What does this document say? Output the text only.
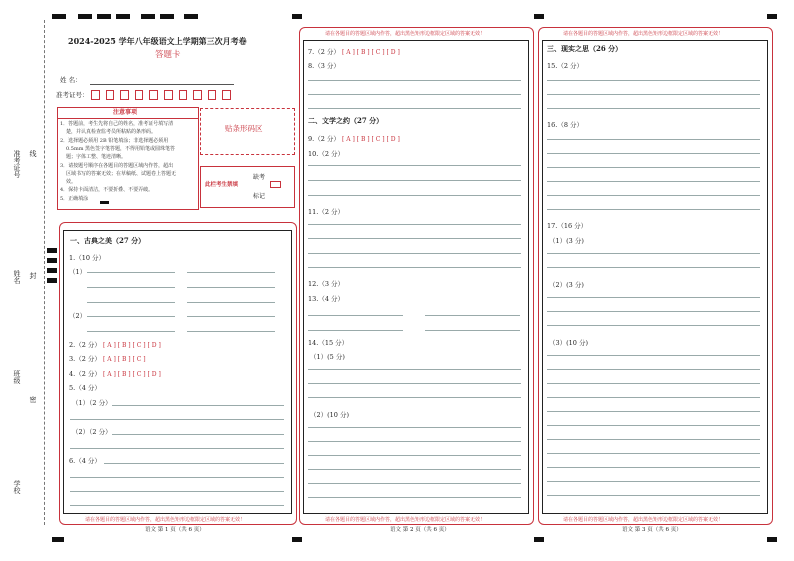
准考证号 线
姓名 封
班级
密
学校
2024-2025 学年八年级语文上学期第三次月考卷
答题卡
姓 名：
准考证号：
注意事项
1．答题前，考生先将自己的姓名，准考证号填写清
楚，并认真检查监考员所粘贴的条形码。
2．选择题必须用 2B 铅笔填涂；非选择题必须用
0.5mm 黑色签字笔答题，不得用铅笔或圆珠笔答
题；字体工整、笔迹清晰。
3．请按题号顺序在各题目的答题区域内作答，超出
区域书写的答案无效；在草稿纸、试题卷上答题无
效。
4．保持卡面清洁，不要折叠、不要弄破。
5．正确填涂
贴条形码区
此栏考生禁填
缺考
标记
一、古典之美（27 分）
1.（10 分）
（1）
（2）
2.（2 分） [ A ] [ B ] [ C ] [ D ]
3.（2 分） [ A ] [ B ] [ C ]
4.（2 分） [ A ] [ B ] [ C ] [ D ]
5.（4 分）
（1）（2 分）
（2）（2 分）
6.（4 分）
请在各题目的答题区域内作答，超出黑色矩形边框限定区域的答案无效！
语文 第 1 页（共 6 页）
请在各题目的答题区域内作答，超出黑色矩形边框限定区域的答案无效！
7.（2 分） [ A ] [ B ] [ C ] [ D ]
8.（3 分）
二、文学之约（27 分）
9.（2 分） [ A ] [ B ] [ C ] [ D ]
10.（2 分）
11.（2 分）
12.（3 分）
13.（4 分）
14.（15 分）
（1）(5 分)
（2）(10 分)
请在各题目的答题区域内作答，超出黑色矩形边框限定区域的答案无效！
语文 第 2 页（共 6 页）
请在各题目的答题区域内作答，超出黑色矩形边框限定区域的答案无效！
三、现实之思（26 分）
15.（2 分）
16.（8 分）
17.（16 分）
（1）(3 分)
（2）(3 分)
（3）(10 分)
请在各题目的答题区域内作答，超出黑色矩形边框限定区域的答案无效！
语文 第 3 页（共 6 页）
